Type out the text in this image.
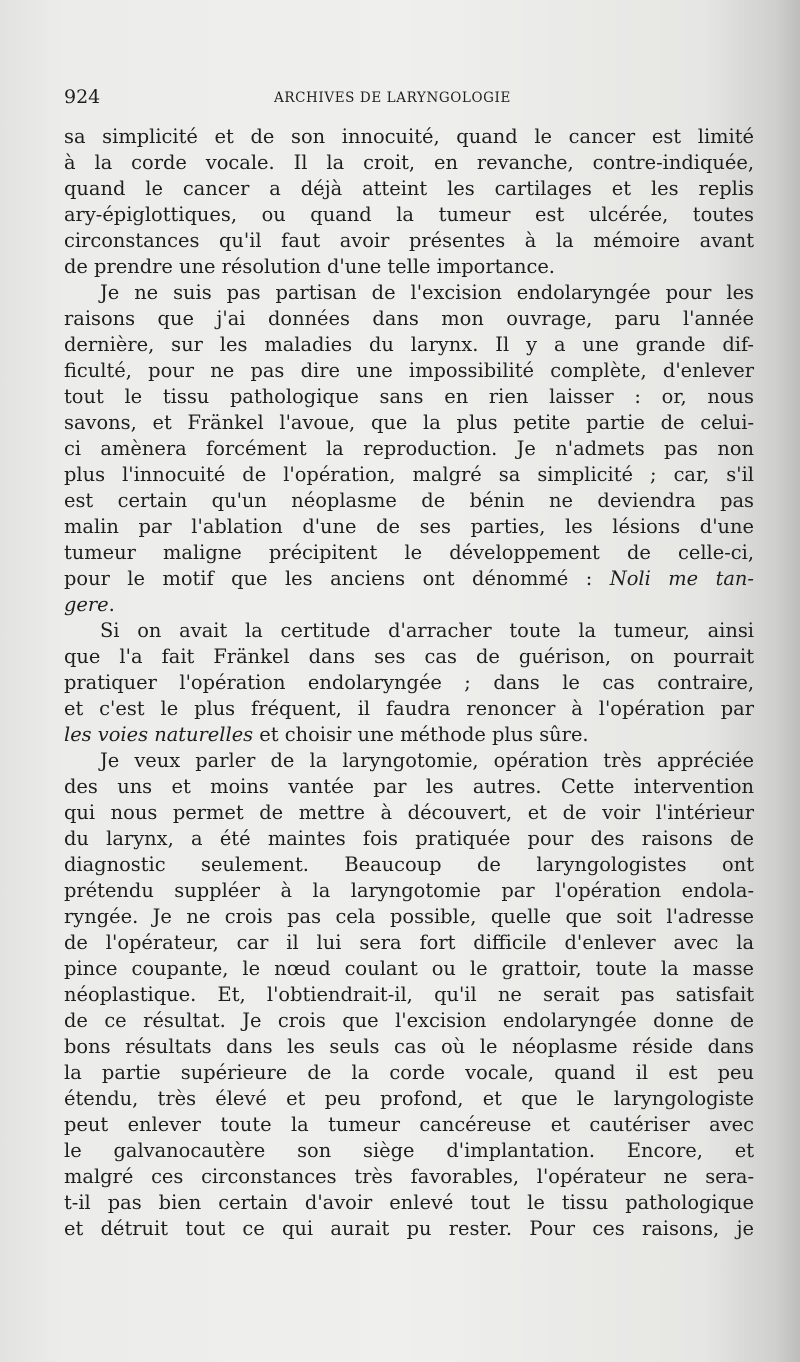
924	ARCHIVES DE LARYNGOLOGIE
sa simplicité et de son innocuité, quand le cancer est limité
à la corde vocale. Il la croit, en revanche, contre-indiquée,
quand le cancer a déjà atteint les cartilages et les replis
ary-épiglottiques, ou quand la tumeur est ulcérée, toutes
circonstances qu'il faut avoir présentes à la mémoire avant
de prendre une résolution d'une telle importance.
Je ne suis pas partisan de l'excision endolaryngée pour les
raisons que j'ai données dans mon ouvrage, paru l'année
dernière, sur les maladies du larynx. Il y a une grande dif-
ficulté, pour ne pas dire une impossibilité complète, d'enlever
tout le tissu pathologique sans en rien laisser : or, nous
savons, et Fränkel l'avoue, que la plus petite partie de celui-
ci amènera forcément la reproduction. Je n'admets pas non
plus l'innocuité de l'opération, malgré sa simplicité ; car, s'il
est certain qu'un néoplasme de bénin ne deviendra pas
malin par l'ablation d'une de ses parties, les lésions d'une
tumeur maligne précipitent le développement de celle-ci,
pour le motif que les anciens ont dénommé : Noli me tan-
gere.
Si on avait la certitude d'arracher toute la tumeur, ainsi
que l'a fait Fränkel dans ses cas de guérison, on pourrait
pratiquer l'opération endolaryngée ; dans le cas contraire,
et c'est le plus fréquent, il faudra renoncer à l'opération par
les voies naturelles et choisir une méthode plus sûre.
Je veux parler de la laryngotomie, opération très appréciée
des uns et moins vantée par les autres. Cette intervention
qui nous permet de mettre à découvert, et de voir l'intérieur
du larynx, a été maintes fois pratiquée pour des raisons de
diagnostic seulement. Beaucoup de laryngologistes ont
prétendu suppléer à la laryngotomie par l'opération endola-
ryngée. Je ne crois pas cela possible, quelle que soit l'adresse
de l'opérateur, car il lui sera fort difficile d'enlever avec la
pince coupante, le nœud coulant ou le grattoir, toute la masse
néoplastique. Et, l'obtiendrait-il, qu'il ne serait pas satisfait
de ce résultat. Je crois que l'excision endolaryngée donne de
bons résultats dans les seuls cas où le néoplasme réside dans
la partie supérieure de la corde vocale, quand il est peu
étendu, très élevé et peu profond, et que le laryngologiste
peut enlever toute la tumeur cancéreuse et cautériser avec
le galvanocautère son siège d'implantation. Encore, et
malgré ces circonstances très favorables, l'opérateur ne sera-
t-il pas bien certain d'avoir enlevé tout le tissu pathologique
et détruit tout ce qui aurait pu rester. Pour ces raisons, je
